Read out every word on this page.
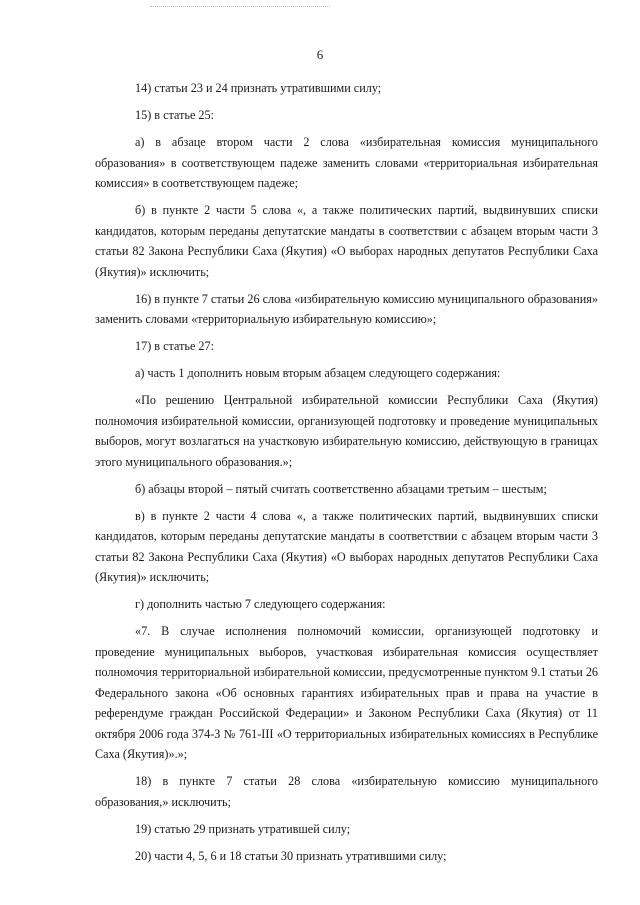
6

14) статьи 23 и 24 признать утратившими силу;

15) в статье 25:

а) в абзаце втором части 2 слова «избирательная комиссия муниципального образования» в соответствующем падеже заменить словами «территориальная избирательная комиссия» в соответствующем падеже;

б) в пункте 2 части 5 слова «, а также политических партий, выдвинувших списки кандидатов, которым переданы депутатские мандаты в соответствии с абзацем вторым части 3 статьи 82 Закона Республики Саха (Якутия) «О выборах народных депутатов Республики Саха (Якутия)» исключить;

16) в пункте 7 статьи 26 слова «избирательную комиссию муниципального образования» заменить словами «территориальную избирательную комиссию»;

17) в статье 27:

а) часть 1 дополнить новым вторым абзацем следующего содержания:

«По решению Центральной избирательной комиссии Республики Саха (Якутия) полномочия избирательной комиссии, организующей подготовку и проведение муниципальных выборов, могут возлагаться на участковую избирательную комиссию, действующую в границах этого муниципального образования.»;

б) абзацы второй – пятый считать соответственно абзацами третьим – шестым;

в) в пункте 2 части 4 слова «, а также политических партий, выдвинувших списки кандидатов, которым переданы депутатские мандаты в соответствии с абзацем вторым части 3 статьи 82 Закона Республики Саха (Якутия) «О выборах народных депутатов Республики Саха (Якутия)» исключить;

г) дополнить частью 7 следующего содержания:

«7. В случае исполнения полномочий комиссии, организующей подготовку и проведение муниципальных выборов, участковая избирательная комиссия осуществляет полномочия территориальной избирательной комиссии, предусмотренные пунктом 9.1 статьи 26 Федерального закона «Об основных гарантиях избирательных прав и права на участие в референдуме граждан Российской Федерации» и Законом Республики Саха (Якутия) от 11 октября 2006 года 374-З № 761-III «О территориальных избирательных комиссиях в Республике Саха (Якутия)».»;

18) в пункте 7 статьи 28 слова «избирательную комиссию муниципального образования,» исключить;

19) статью 29 признать утратившей силу;

20) части 4, 5, 6 и 18 статьи 30 признать утратившими силу;
